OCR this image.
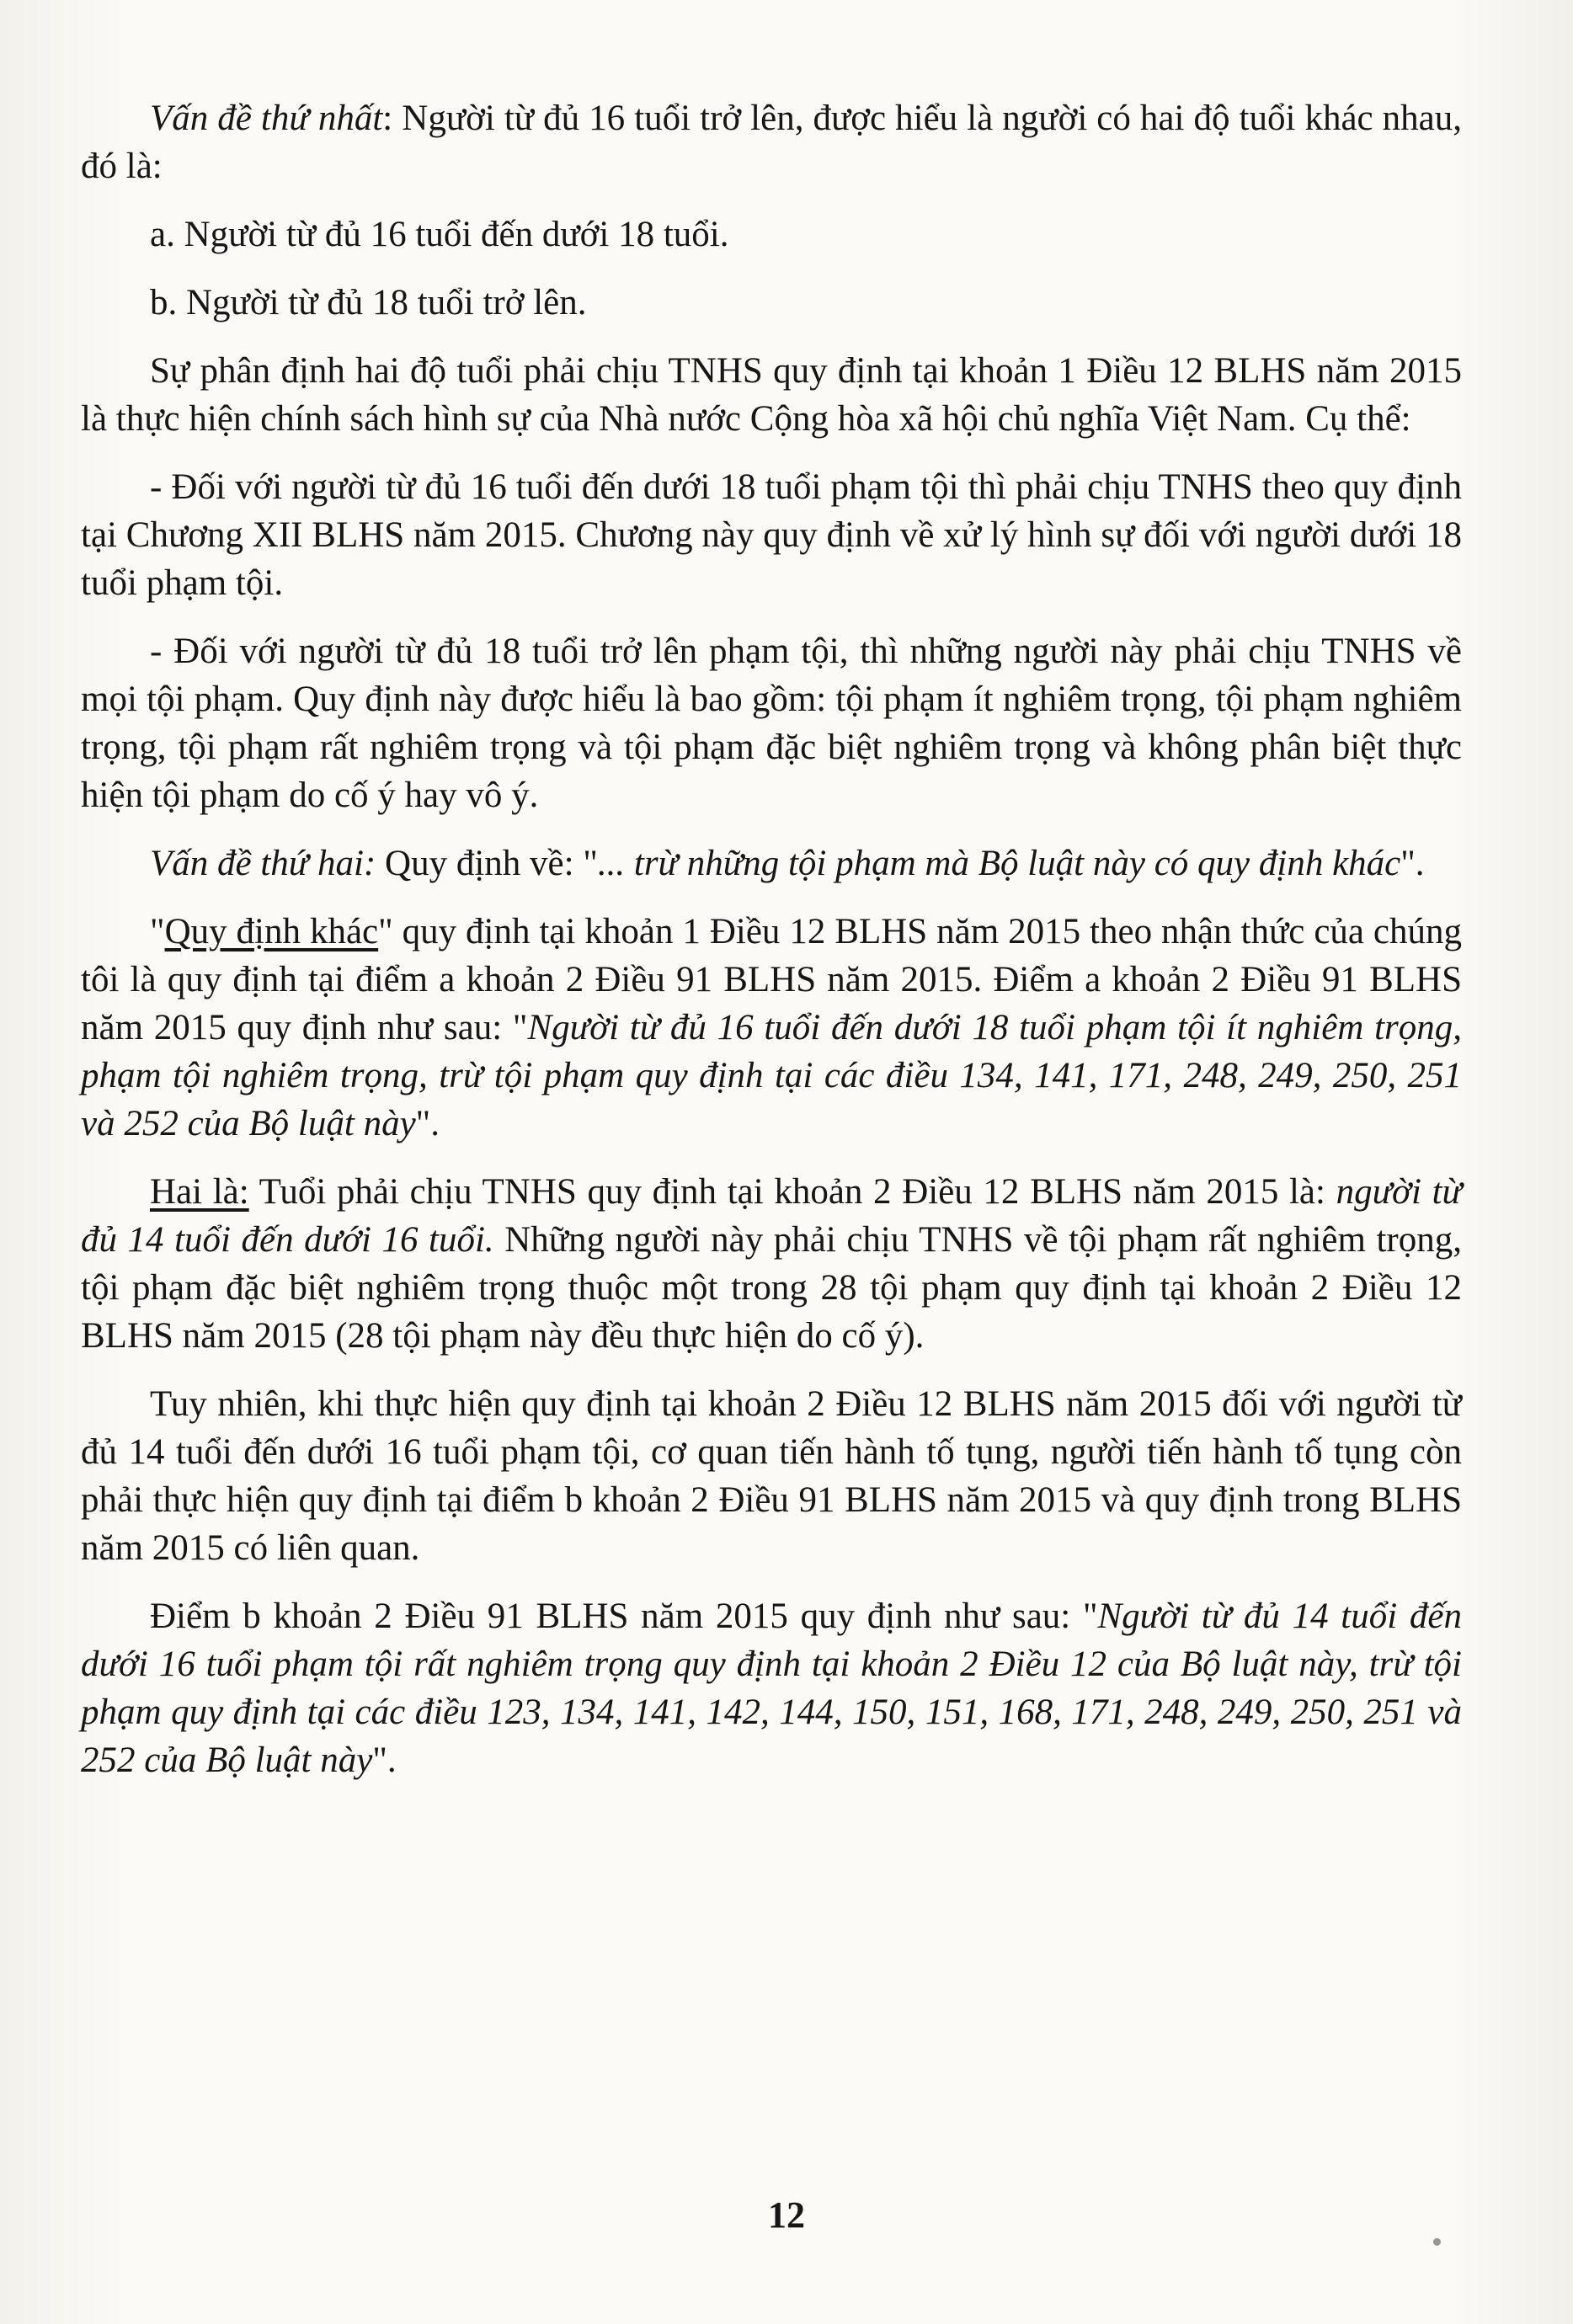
Vấn đề thứ nhất: Người từ đủ 16 tuổi trở lên, được hiểu là người có hai độ tuổi khác nhau, đó là:

a. Người từ đủ 16 tuổi đến dưới 18 tuổi.

b. Người từ đủ 18 tuổi trở lên.

Sự phân định hai độ tuổi phải chịu TNHS quy định tại khoản 1 Điều 12 BLHS năm 2015 là thực hiện chính sách hình sự của Nhà nước Cộng hòa xã hội chủ nghĩa Việt Nam. Cụ thể:

- Đối với người từ đủ 16 tuổi đến dưới 18 tuổi phạm tội thì phải chịu TNHS theo quy định tại Chương XII BLHS năm 2015. Chương này quy định về xử lý hình sự đối với người dưới 18 tuổi phạm tội.

- Đối với người từ đủ 18 tuổi trở lên phạm tội, thì những người này phải chịu TNHS về mọi tội phạm. Quy định này được hiểu là bao gồm: tội phạm ít nghiêm trọng, tội phạm nghiêm trọng, tội phạm rất nghiêm trọng và tội phạm đặc biệt nghiêm trọng và không phân biệt thực hiện tội phạm do cố ý hay vô ý.

Vấn đề thứ hai: Quy định về: "... trừ những tội phạm mà Bộ luật này có quy định khác".

"Quy định khác" quy định tại khoản 1 Điều 12 BLHS năm 2015 theo nhận thức của chúng tôi là quy định tại điểm a khoản 2 Điều 91 BLHS năm 2015. Điểm a khoản 2 Điều 91 BLHS năm 2015 quy định như sau: "Người từ đủ 16 tuổi đến dưới 18 tuổi phạm tội ít nghiêm trọng, phạm tội nghiêm trọng, trừ tội phạm quy định tại các điều 134, 141, 171, 248, 249, 250, 251 và 252 của Bộ luật này".

Hai là: Tuổi phải chịu TNHS quy định tại khoản 2 Điều 12 BLHS năm 2015 là: người từ đủ 14 tuổi đến dưới 16 tuổi. Những người này phải chịu TNHS về tội phạm rất nghiêm trọng, tội phạm đặc biệt nghiêm trọng thuộc một trong 28 tội phạm quy định tại khoản 2 Điều 12 BLHS năm 2015 (28 tội phạm này đều thực hiện do cố ý).

Tuy nhiên, khi thực hiện quy định tại khoản 2 Điều 12 BLHS năm 2015 đối với người từ đủ 14 tuổi đến dưới 16 tuổi phạm tội, cơ quan tiến hành tố tụng, người tiến hành tố tụng còn phải thực hiện quy định tại điểm b khoản 2 Điều 91 BLHS năm 2015 và quy định trong BLHS năm 2015 có liên quan.

Điểm b khoản 2 Điều 91 BLHS năm 2015 quy định như sau: "Người từ đủ 14 tuổi đến dưới 16 tuổi phạm tội rất nghiêm trọng quy định tại khoản 2 Điều 12 của Bộ luật này, trừ tội phạm quy định tại các điều 123, 134, 141, 142, 144, 150, 151, 168, 171, 248, 249, 250, 251 và 252 của Bộ luật này".

12
